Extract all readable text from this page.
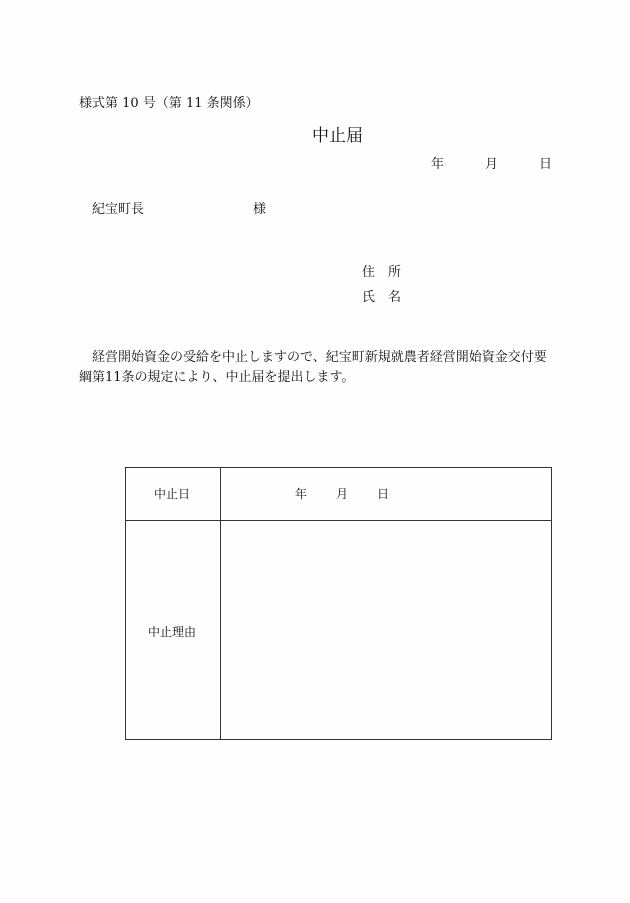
様式第 10 号（第 11 条関係）
中止届
年	月	日
紀宝町長	様
住　所
氏　名
経営開始資金の受給を中止しますので、紀宝町新規就農者経営開始資金交付要綱第11条の規定により、中止届を提出します。
中止日	年 月 日
中止理由
